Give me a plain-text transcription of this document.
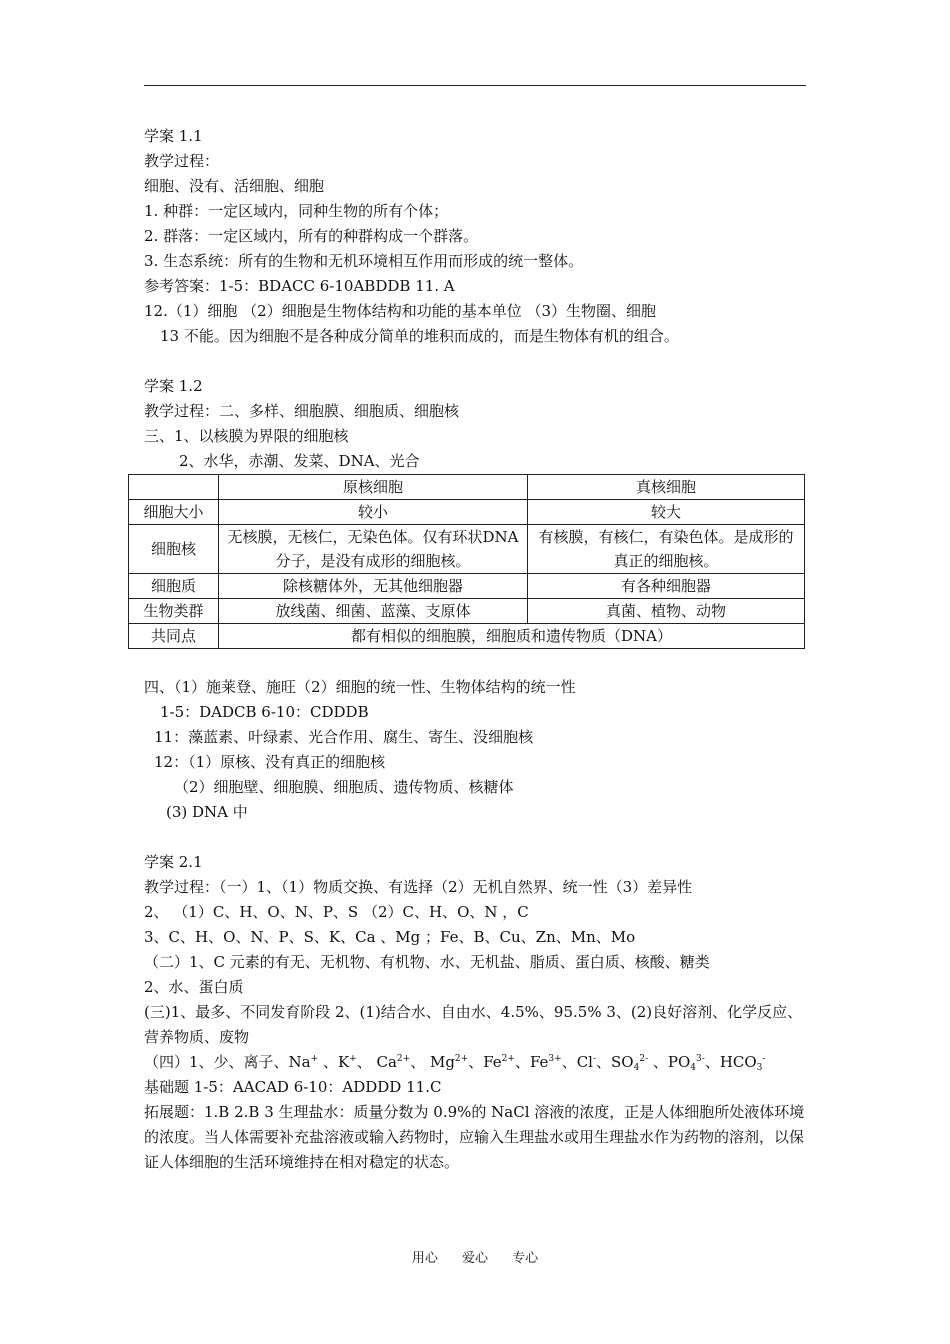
学案 1.1
教学过程：
细胞、没有、活细胞、细胞
1. 种群：一定区域内，同种生物的所有个体；
2. 群落：一定区域内，所有的种群构成一个群落。
3. 生态系统：所有的生物和无机环境相互作用而形成的统一整体。
参考答案：1-5：BDACC 6-10ABDDB 11. A
12.（1）细胞 （2）细胞是生物体结构和功能的基本单位 （3）生物圈、细胞
13 不能。因为细胞不是各种成分简单的堆积而成的，而是生物体有机的组合。
学案 1.2
教学过程：二、多样、细胞膜、细胞质、细胞核
三、1、以核膜为界限的细胞核
2、水华，赤潮、发菜、DNA、光合
	原核细胞	真核细胞
细胞大小	较小	较大
细胞核	无核膜，无核仁，无染色体。仅有环状DNA 分子，是没有成形的细胞核。	有核膜，有核仁，有染色体。是成形的真正的细胞核。
细胞质	除核糖体外，无其他细胞器	有各种细胞器
生物类群	放线菌、细菌、蓝藻、支原体	真菌、植物、动物
共同点	都有相似的细胞膜，细胞质和遗传物质（DNA）	
四、（1）施莱登、施旺（2）细胞的统一性、生物体结构的统一性
1-5：DADCB 6-10：CDDDB
11：藻蓝素、叶绿素、光合作用、腐生、寄生、没细胞核
12：（1）原核、没有真正的细胞核
（2）细胞壁、细胞膜、细胞质、遗传物质、核糖体
(3) DNA 中
学案 2.1
教学过程：（一）1、（1）物质交换、有选择（2）无机自然界、统一性（3）差异性
2、 （1）C、H、O、N、P、S （2）C、H、O、N ，C
3、C、H、O、N、P、S、K、Ca 、Mg ；Fe、B、Cu、Zn、Mn、Mo
（二）1、C 元素的有无、无机物、有机物、水、无机盐、脂质、蛋白质、核酸、糖类
2、水、蛋白质
(三)1、最多、不同发育阶段 2、(1)结合水、自由水、4.5%、95.5% 3、(2)良好溶剂、化学反应、营养物质、废物
（四）1、少、离子、Na+ 、K+、 $Ca^{2+}$、 $Mg^{2+}$、$Fe^{2+}$、$Fe^{3+}$、Cl-、$SO_4^{2-}$ 、$PO_4^{3-}$、$HCO_3^-$
基础题 1-5：AACAD 6-10：ADDDD 11.C
拓展题：1.B 2.B 3 生理盐水：质量分数为 0.9%的 NaCl 溶液的浓度，正是人体细胞所处液体环境的浓度。当人体需要补充盐溶液或输入药物时，应输入生理盐水或用生理盐水作为药物的溶剂，以保证人体细胞的生活环境维持在相对稳定的状态。
用心 爱心 专心
